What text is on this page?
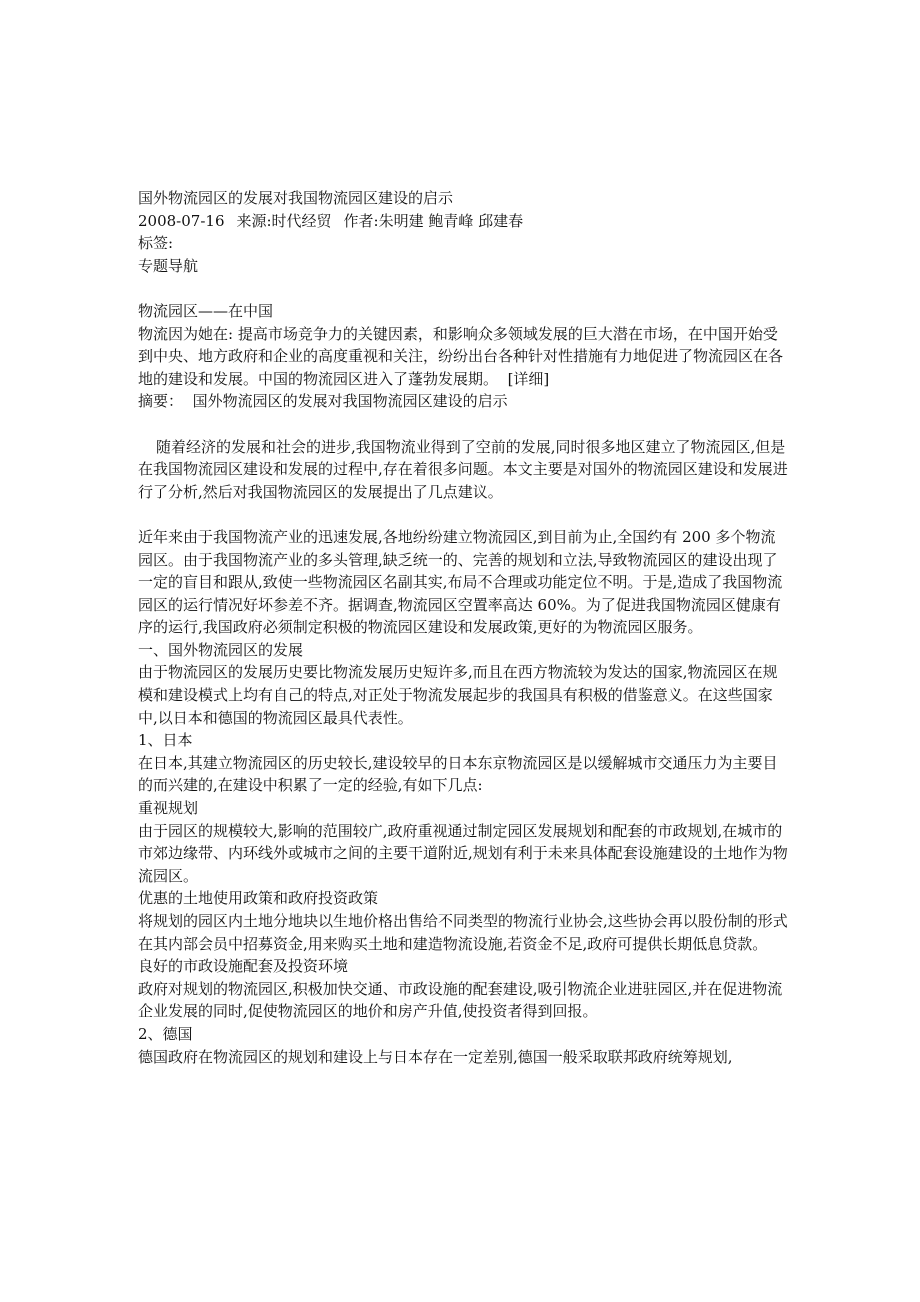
国外物流园区的发展对我国物流园区建设的启示
2008-07-16 来源:时代经贸 作者:朱明建 鲍青峰 邱建春
标签:
专题导航
物流园区——在中国
物流因为她在: 提高市场竞争力的关键因素，和影响众多领域发展的巨大潜在市场，在中国开始受到中央、地方政府和企业的高度重视和关注，纷纷出台各种针对性措施有力地促进了物流园区在各地的建设和发展。中国的物流园区进入了蓬勃发展期。 [详细]
摘要： 国外物流园区的发展对我国物流园区建设的启示
随着经济的发展和社会的进步,我国物流业得到了空前的发展,同时很多地区建立了物流园区,但是在我国物流园区建设和发展的过程中,存在着很多问题。本文主要是对国外的物流园区建设和发展进行了分析,然后对我国物流园区的发展提出了几点建议。
近年来由于我国物流产业的迅速发展,各地纷纷建立物流园区,到目前为止,全国约有 200 多个物流园区。由于我国物流产业的多头管理,缺乏统一的、完善的规划和立法,导致物流园区的建设出现了一定的盲目和跟从,致使一些物流园区名副其实,布局不合理或功能定位不明。于是,造成了我国物流园区的运行情况好坏参差不齐。据调查,物流园区空置率高达 60%。为了促进我国物流园区健康有序的运行,我国政府必须制定积极的物流园区建设和发展政策,更好的为物流园区服务。
一、国外物流园区的发展
由于物流园区的发展历史要比物流发展历史短许多,而且在西方物流较为发达的国家,物流园区在规模和建设模式上均有自己的特点,对正处于物流发展起步的我国具有积极的借鉴意义。在这些国家中,以日本和德国的物流园区最具代表性。
1、日本
在日本,其建立物流园区的历史较长,建设较早的日本东京物流园区是以缓解城市交通压力为主要目的而兴建的,在建设中积累了一定的经验,有如下几点:
重视规划
由于园区的规模较大,影响的范围较广,政府重视通过制定园区发展规划和配套的市政规划,在城市的市郊边缘带、内环线外或城市之间的主要干道附近,规划有利于未来具体配套设施建设的土地作为物流园区。
优惠的土地使用政策和政府投资政策
将规划的园区内土地分地块以生地价格出售给不同类型的物流行业协会,这些协会再以股份制的形式在其内部会员中招募资金,用来购买土地和建造物流设施,若资金不足,政府可提供长期低息贷款。
良好的市政设施配套及投资环境
政府对规划的物流园区,积极加快交通、市政设施的配套建设,吸引物流企业进驻园区,并在促进物流企业发展的同时,促使物流园区的地价和房产升值,使投资者得到回报。
2、德国
德国政府在物流园区的规划和建设上与日本存在一定差别,德国一般采取联邦政府统筹规划,
